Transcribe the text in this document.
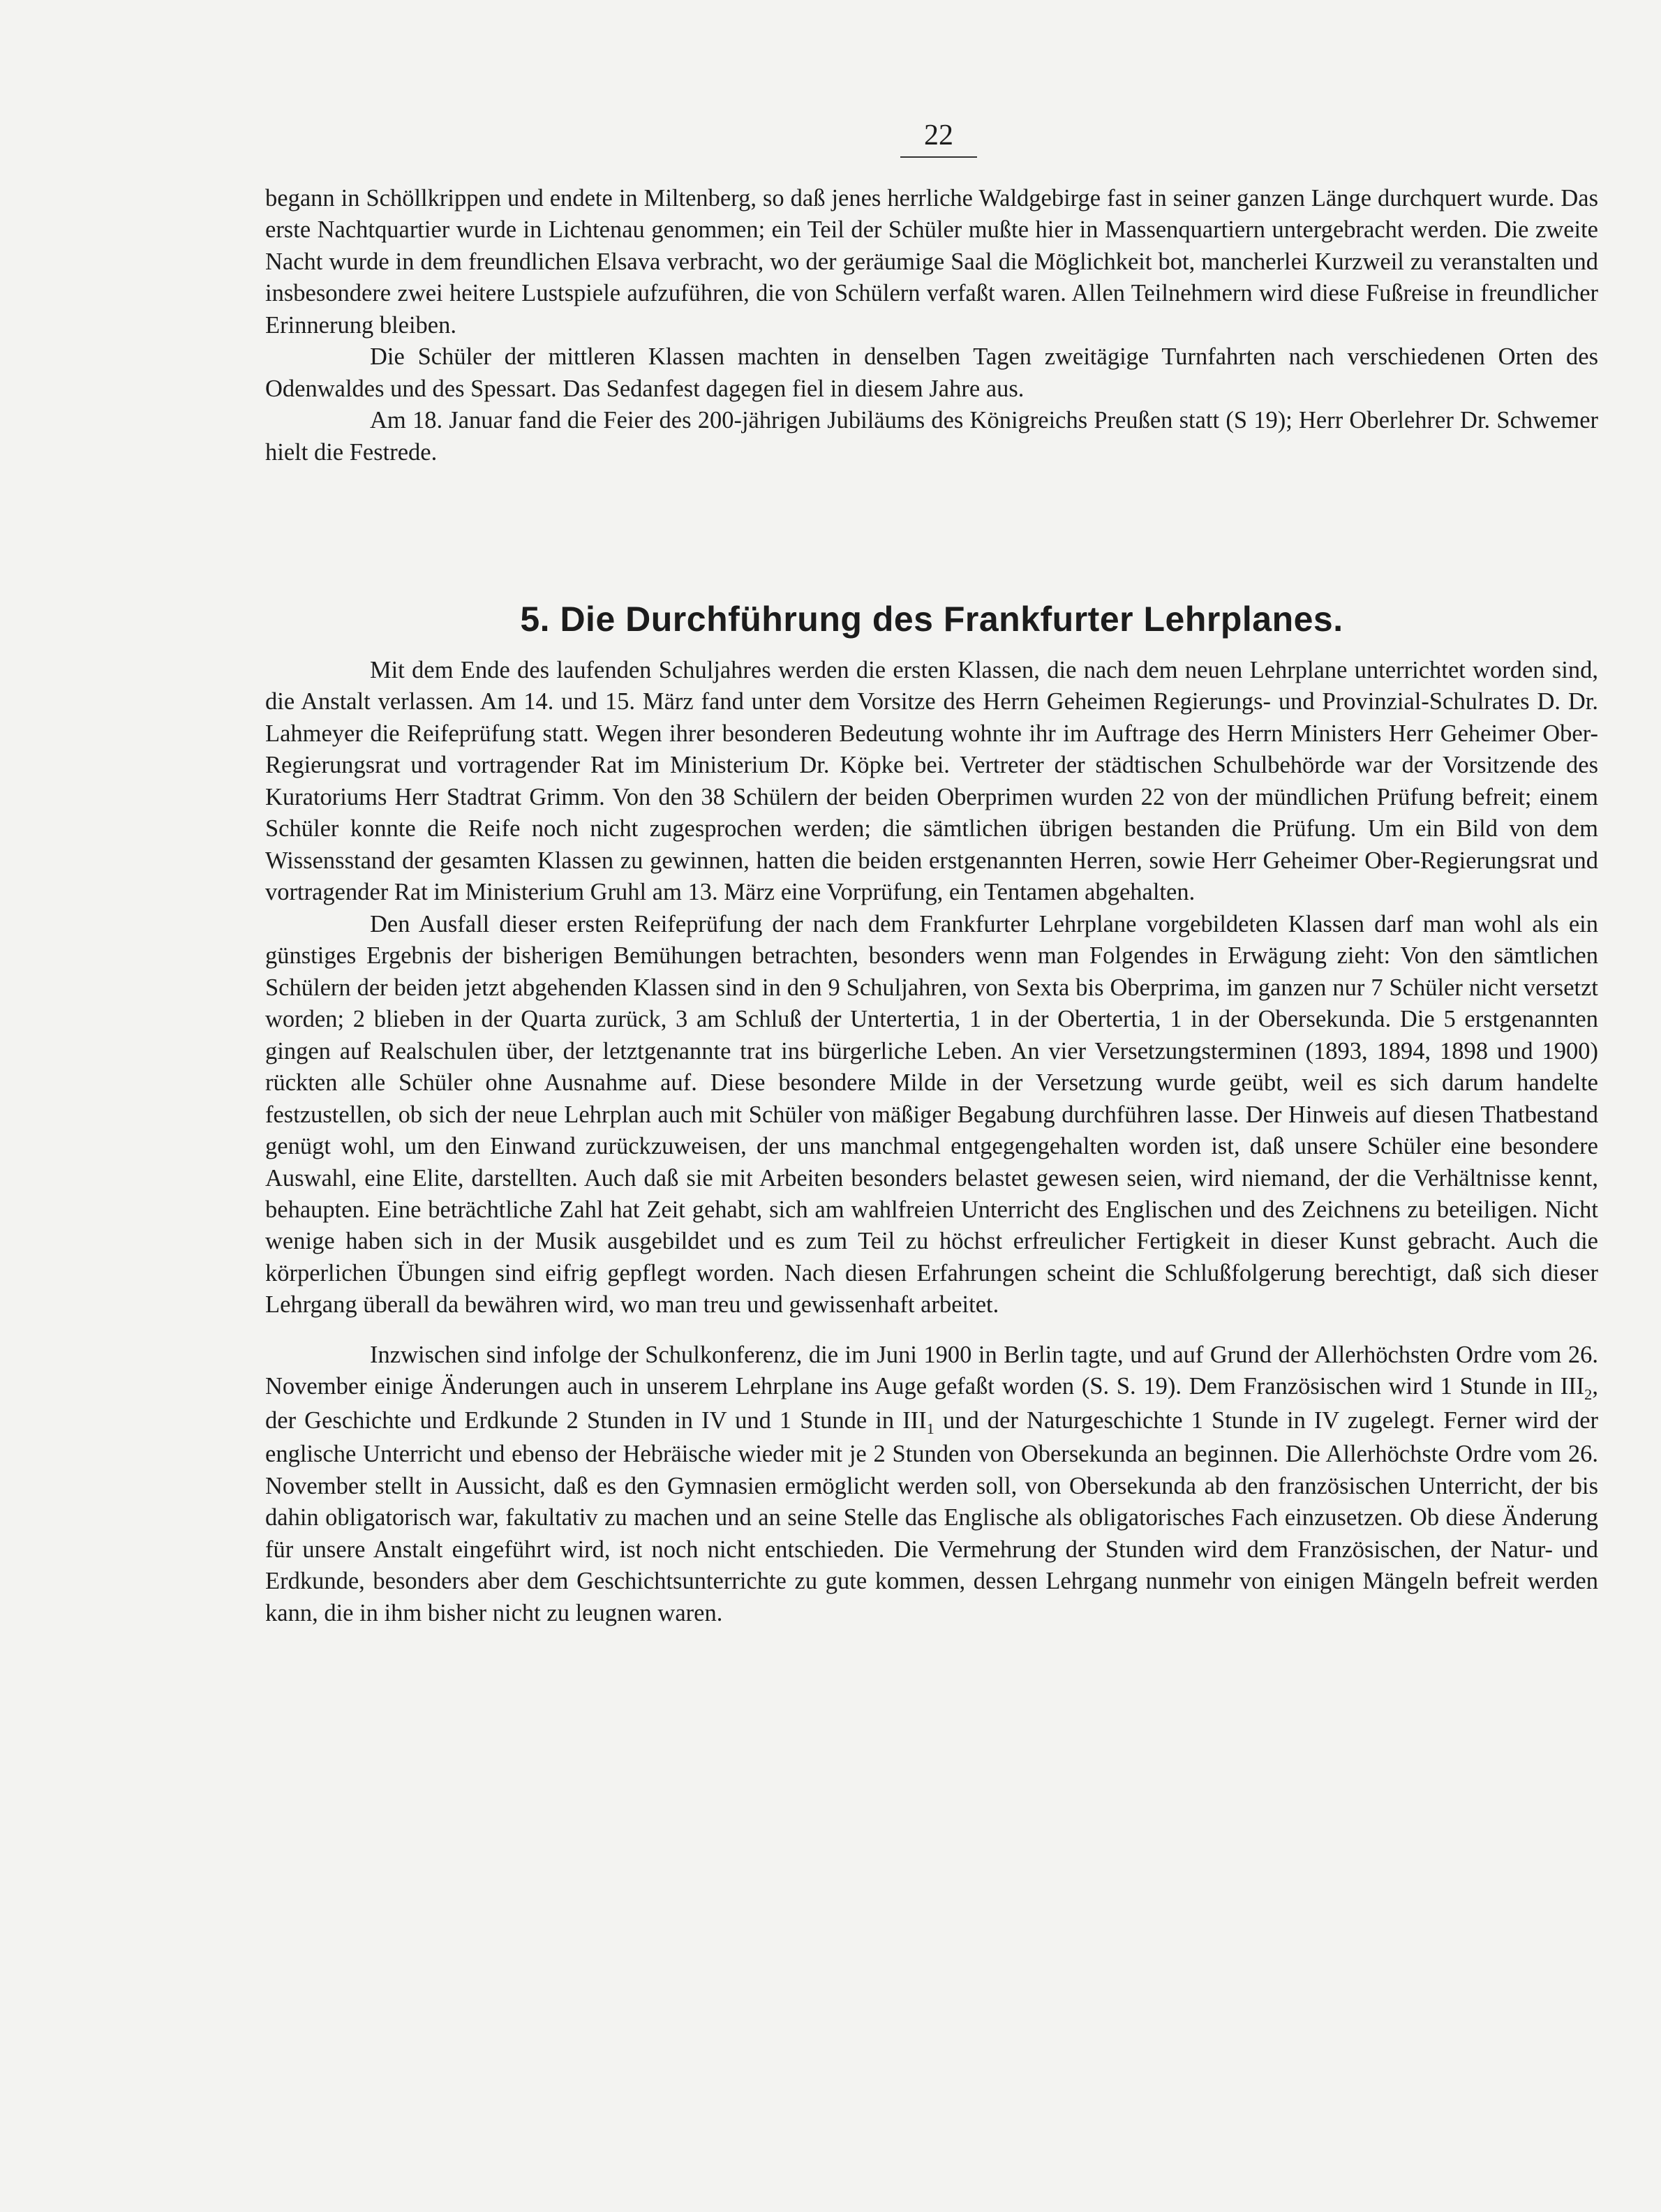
22

begann in Schöllkrippen und endete in Miltenberg, so daß jenes herrliche Waldgebirge fast in seiner ganzen Länge durchquert wurde. Das erste Nachtquartier wurde in Lichtenau genommen; ein Teil der Schüler mußte hier in Massenquartiern untergebracht werden. Die zweite Nacht wurde in dem freundlichen Elsava verbracht, wo der geräumige Saal die Möglichkeit bot, mancherlei Kurzweil zu veranstalten und insbesondere zwei heitere Lustspiele aufzuführen, die von Schülern verfaßt waren. Allen Teilnehmern wird diese Fußreise in freundlicher Erinnerung bleiben.

Die Schüler der mittleren Klassen machten in denselben Tagen zweitägige Turnfahrten nach verschiedenen Orten des Odenwaldes und des Spessart. Das Sedanfest dagegen fiel in diesem Jahre aus.

Am 18. Januar fand die Feier des 200-jährigen Jubiläums des Königreichs Preußen statt (S 19); Herr Oberlehrer Dr. Schwemer hielt die Festrede.

5. Die Durchführung des Frankfurter Lehrplanes.

Mit dem Ende des laufenden Schuljahres werden die ersten Klassen, die nach dem neuen Lehrplane unterrichtet worden sind, die Anstalt verlassen. Am 14. und 15. März fand unter dem Vorsitze des Herrn Geheimen Regierungs- und Provinzial-Schulrates D. Dr. Lahmeyer die Reifeprüfung statt. Wegen ihrer besonderen Bedeutung wohnte ihr im Auftrage des Herrn Ministers Herr Geheimer Ober-Regierungsrat und vortragender Rat im Ministerium Dr. Köpke bei. Vertreter der städtischen Schulbehörde war der Vorsitzende des Kuratoriums Herr Stadtrat Grimm. Von den 38 Schülern der beiden Oberprimen wurden 22 von der mündlichen Prüfung befreit; einem Schüler konnte die Reife noch nicht zugesprochen werden; die sämtlichen übrigen bestanden die Prüfung. Um ein Bild von dem Wissensstand der gesamten Klassen zu gewinnen, hatten die beiden erstgenannten Herren, sowie Herr Geheimer Ober-Regierungsrat und vortragender Rat im Ministerium Gruhl am 13. März eine Vorprüfung, ein Tentamen abgehalten.

Den Ausfall dieser ersten Reifeprüfung der nach dem Frankfurter Lehrplane vorgebildeten Klassen darf man wohl als ein günstiges Ergebnis der bisherigen Bemühungen betrachten, besonders wenn man Folgendes in Erwägung zieht: Von den sämtlichen Schülern der beiden jetzt abgehenden Klassen sind in den 9 Schuljahren, von Sexta bis Oberprima, im ganzen nur 7 Schüler nicht versetzt worden; 2 blieben in der Quarta zurück, 3 am Schluß der Untertertia, 1 in der Obertertia, 1 in der Obersekunda. Die 5 erstgenannten gingen auf Realschulen über, der letztgenannte trat ins bürgerliche Leben. An vier Versetzungsterminen (1893, 1894, 1898 und 1900) rückten alle Schüler ohne Ausnahme auf. Diese besondere Milde in der Versetzung wurde geübt, weil es sich darum handelte festzustellen, ob sich der neue Lehrplan auch mit Schüler von mäßiger Begabung durchführen lasse. Der Hinweis auf diesen Thatbestand genügt wohl, um den Einwand zurückzuweisen, der uns manchmal entgegengehalten worden ist, daß unsere Schüler eine besondere Auswahl, eine Elite, darstellten. Auch daß sie mit Arbeiten besonders belastet gewesen seien, wird niemand, der die Verhältnisse kennt, behaupten. Eine beträchtliche Zahl hat Zeit gehabt, sich am wahlfreien Unterricht des Englischen und des Zeichnens zu beteiligen. Nicht wenige haben sich in der Musik ausgebildet und es zum Teil zu höchst erfreulicher Fertigkeit in dieser Kunst gebracht. Auch die körperlichen Übungen sind eifrig gepflegt worden. Nach diesen Erfahrungen scheint die Schlußfolgerung berechtigt, daß sich dieser Lehrgang überall da bewähren wird, wo man treu und gewissenhaft arbeitet.

Inzwischen sind infolge der Schulkonferenz, die im Juni 1900 in Berlin tagte, und auf Grund der Allerhöchsten Ordre vom 26. November einige Änderungen auch in unserem Lehrplane ins Auge gefaßt worden (S. S. 19). Dem Französischen wird 1 Stunde in $III_2$, der Geschichte und Erdkunde 2 Stunden in IV und 1 Stunde in $III_1$ und der Naturgeschichte 1 Stunde in IV zugelegt. Ferner wird der englische Unterricht und ebenso der Hebräische wieder mit je 2 Stunden von Obersekunda an beginnen. Die Allerhöchste Ordre vom 26. November stellt in Aussicht, daß es den Gymnasien ermöglicht werden soll, von Obersekunda ab den französischen Unterricht, der bis dahin obligatorisch war, fakultativ zu machen und an seine Stelle das Englische als obligatorisches Fach einzusetzen. Ob diese Änderung für unsere Anstalt eingeführt wird, ist noch nicht entschieden. Die Vermehrung der Stunden wird dem Französischen, der Natur- und Erdkunde, besonders aber dem Geschichtsunterrichte zu gute kommen, dessen Lehrgang nunmehr von einigen Mängeln befreit werden kann, die in ihm bisher nicht zu leugnen waren.
